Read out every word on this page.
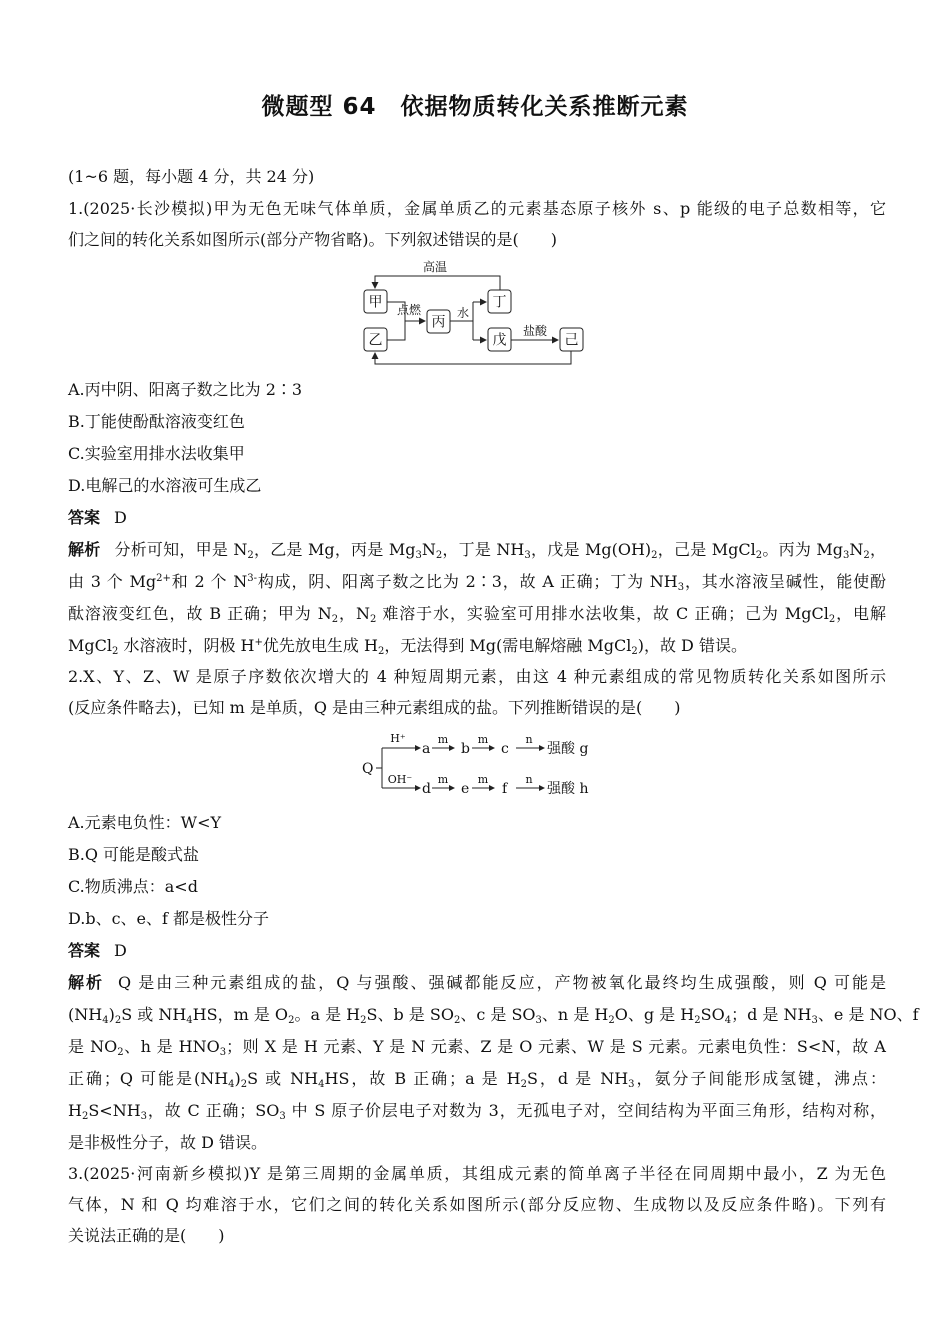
微题型 64　依据物质转化关系推断元素
(1~6 题，每小题 4 分，共 24 分)
1.(2025·长沙模拟)甲为无色无味气体单质，金属单质乙的元素基态原子核外 s、p 能级的电子总数相等，它
们之间的转化关系如图所示(部分产物省略)。下列叙述错误的是(　　)
甲
乙
丙
丁
戊	己
高温
点燃	水
盐酸
A.丙中阴、阳离子数之比为 2∶3
B.丁能使酚酞溶液变红色
C.实验室用排水法收集甲
D.电解己的水溶液可生成乙
答案 D
解析 分析可知，甲是 $N_2$，乙是 Mg，丙是 $Mg_3N_2$，丁是 $NH_3$，戊是 $Mg(OH)_2$，己是 MgCl$_2$。丙为 $Mg_3N_2$，
由 3 个 $Mg^{2+}$和 2 个 $N^{3-}$构成，阴、阳离子数之比为 2∶3，故 A 正确；丁为 $NH_3$，其水溶液呈碱性，能使酚
酞溶液变红色，故 B 正确；甲为 $N_2$，$N_2$ 难溶于水，实验室可用排水法收集，故 C 正确；己为 MgCl$_2$，电解
MgCl$_2$ 水溶液时，阴极 H+优先放电生成 $H_2$，无法得到 Mg(需电解熔融 MgCl$_2$)，故 D 错误。
2.X、Y、Z、W 是原子序数依次增大的 4 种短周期元素，由这 4 种元素组成的常见物质转化关系如图所示
(反应条件略去)，已知 m 是单质，Q 是由三种元素组成的盐。下列推断错误的是(　　)
Q
a b c	强酸 g
d e f	强酸 h
H⁺	m	m	n
OH⁻ m	m	n
A.元素电负性：W<Y
B.Q 可能是酸式盐
C.物质沸点：a<d
D.b、c、e、f 都是极性分子
答案 D
解析 Q 是由三种元素组成的盐，Q 与强酸、强碱都能反应，产物被氧化最终均生成强酸，则 Q 可能是
$(NH_4)_2S$ 或 $NH_4HS$，m 是 $O_2$。a 是 $H_2S$、b 是 $SO_2$、c 是 $SO_3$、n 是 $H_2O$、g 是 $H_2SO_4$；d 是 $NH_3$、e 是 NO、f
是 $NO_2$、h 是 $HNO_3$；则 X 是 H 元素、Y 是 N 元素、Z 是 O 元素、W 是 S 元素。元素电负性：S<N，故 A
正确；Q 可能是$(NH_4)_2S$ 或 $NH_4HS$，故 B 正确；a 是 $H_2S$，d 是 $NH_3$，氨分子间能形成氢键，沸点：
$H_2S<NH_3$，故 C 正确；$SO_3$ 中 S 原子价层电子对数为 3，无孤电子对，空间结构为平面三角形，结构对称，
是非极性分子，故 D 错误。
3.(2025·河南新乡模拟)Y 是第三周期的金属单质，其组成元素的简单离子半径在同周期中最小，Z 为无色
气体，N 和 Q 均难溶于水，它们之间的转化关系如图所示(部分反应物、生成物以及反应条件略)。下列有
关说法正确的是(　　)
